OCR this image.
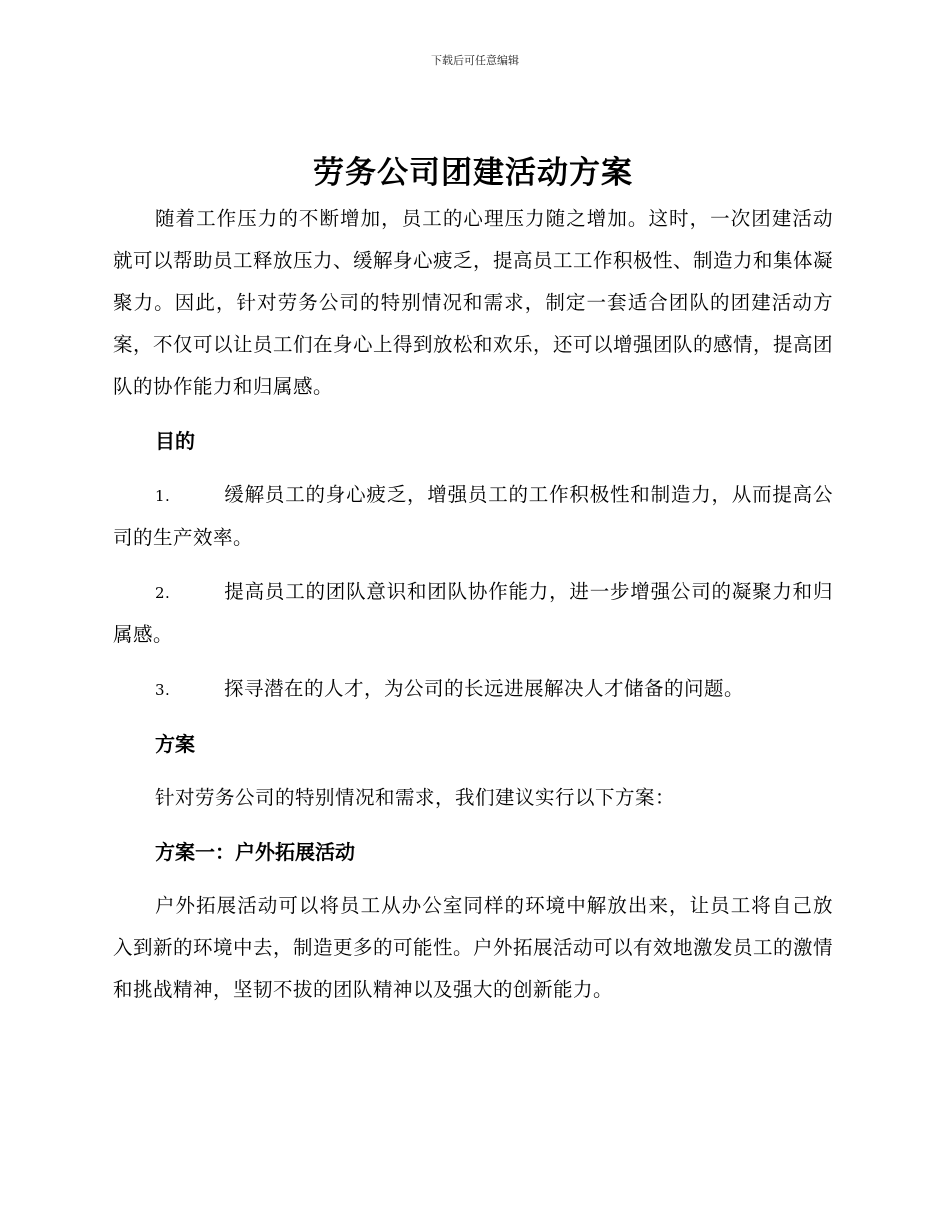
下载后可任意编辑
劳务公司团建活动方案

随着工作压力的不断增加，员工的心理压力随之增加。这时，一次团建活动就可以帮助员工释放压力、缓解身心疲乏，提高员工工作积极性、制造力和集体凝聚力。因此，针对劳务公司的特别情况和需求，制定一套适合团队的团建活动方案，不仅可以让员工们在身心上得到放松和欢乐，还可以增强团队的感情，提高团队的协作能力和归属感。

目的

1.	缓解员工的身心疲乏，增强员工的工作积极性和制造力，从而提高公司的生产效率。

2.	提高员工的团队意识和团队协作能力，进一步增强公司的凝聚力和归属感。

3.	探寻潜在的人才，为公司的长远进展解决人才储备的问题。

方案

针对劳务公司的特别情况和需求，我们建议实行以下方案：

方案一：户外拓展活动

户外拓展活动可以将员工从办公室同样的环境中解放出来，让员工将自己放入到新的环境中去，制造更多的可能性。户外拓展活动可以有效地激发员工的激情和挑战精神，坚韧不拔的团队精神以及强大的创新能力。
